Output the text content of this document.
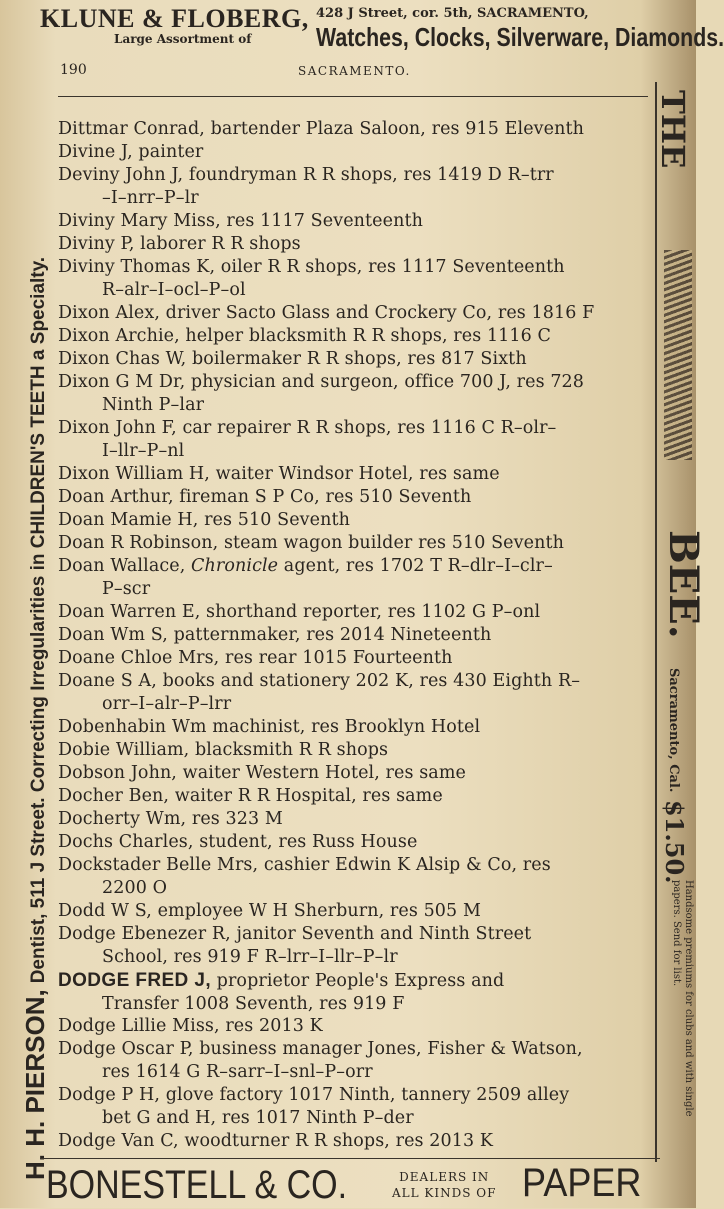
KLUNE & FLOBERG,
Large Assortment of
428 J Street, cor. 5th, SACRAMENTO,
Watches, Clocks, Silverware, Diamonds.
190	SACRAMENTO.
H. H. PIERSON,Dentist, 511 J Street. Correcting Irregularities in CHILDREN'S TEETH a Specialty.
THE
BEE.
Sacramento, Cal.
$1.50.
Handsome premiums for clubs and with single papers. Send for list.
Dittmar Conrad, bartender Plaza Saloon, res 915 Eleventh
Divine J, painter
Deviny John J, foundryman R R shops, res 1419 D R–trr
–I–nrr–P–lr
Diviny Mary Miss, res 1117 Seventeenth
Diviny P, laborer R R shops
Diviny Thomas K, oiler R R shops, res 1117 Seventeenth
R–alr–I–ocl–P–ol
Dixon Alex, driver Sacto Glass and Crockery Co, res 1816 F
Dixon Archie, helper blacksmith R R shops, res 1116 C
Dixon Chas W, boilermaker R R shops, res 817 Sixth
Dixon G M Dr, physician and surgeon, office 700 J, res 728
Ninth P–lar
Dixon John F, car repairer R R shops, res 1116 C R–olr–
I–llr–P–nl
Dixon William H, waiter Windsor Hotel, res same
Doan Arthur, fireman S P Co, res 510 Seventh
Doan Mamie H, res 510 Seventh
Doan R Robinson, steam wagon builder res 510 Seventh
Doan Wallace, Chronicle agent, res 1702 T R–dlr–I–clr–
P–scr
Doan Warren E, shorthand reporter, res 1102 G P–onl
Doan Wm S, patternmaker, res 2014 Nineteenth
Doane Chloe Mrs, res rear 1015 Fourteenth
Doane S A, books and stationery 202 K, res 430 Eighth R–
orr–I–alr–P–lrr
Dobenhabin Wm machinist, res Brooklyn Hotel
Dobie William, blacksmith R R shops
Dobson John, waiter Western Hotel, res same
Docher Ben, waiter R R Hospital, res same
Docherty Wm, res 323 M
Dochs Charles, student, res Russ House
Dockstader Belle Mrs, cashier Edwin K Alsip & Co, res
2200 O
Dodd W S, employee W H Sherburn, res 505 M
Dodge Ebenezer R, janitor Seventh and Ninth Street
School, res 919 F R–lrr–I–llr–P–lr
DODGE FRED J, proprietor People's Express and
Transfer 1008 Seventh, res 919 F
Dodge Lillie Miss, res 2013 K
Dodge Oscar P, business manager Jones, Fisher & Watson,
res 1614 G R–sarr–I–snl–P–orr
Dodge P H, glove factory 1017 Ninth, tannery 2509 alley
bet G and H, res 1017 Ninth P–der
Dodge Van C, woodturner R R shops, res 2013 K
BONESTELL & CO.	DEALERS IN
ALL KINDS OF PAPER
